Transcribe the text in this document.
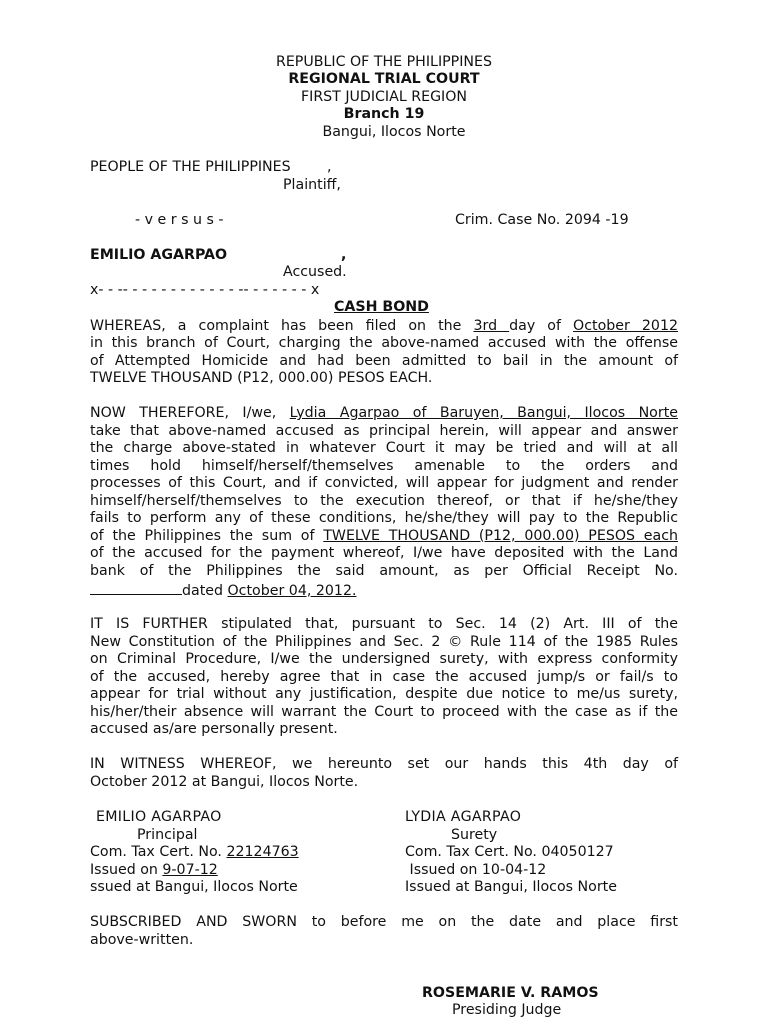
REPUBLIC OF THE PHILIPPINES
REGIONAL TRIAL COURT
FIRST JUDICIAL REGION
Branch 19
Bangui, Ilocos Norte
PEOPLE OF THE PHILIPPINES	,
Plaintiff,
- v e r s u s -	Crim. Case No. 2094 -19
EMILIO AGARPAO	,
Accused.
x- - -- - - - - - - - - - - - -- - - - - - - x
CASH BOND
WHEREAS, a complaint has been filed on the 3rd day of October 2012
in this branch of Court, charging the above-named accused with the offense
of Attempted Homicide and had been admitted to bail in the amount of
TWELVE THOUSAND (P12, 000.00) PESOS EACH.
NOW THEREFORE, I/we, Lydia Agarpao of Baruyen, Bangui, Ilocos Norte
take that above-named accused as principal herein, will appear and answer
the charge above-stated in whatever Court it may be tried and will at all
times hold himself/herself/themselves amenable to the orders and
processes of this Court, and if convicted, will appear for judgment and render
himself/herself/themselves to the execution thereof, or that if he/she/they
fails to perform any of these conditions, he/she/they will pay to the Republic
of the Philippines the sum of TWELVE THOUSAND (P12, 000.00) PESOS each
of the accused for the payment whereof, I/we have deposited with the Land
bank of the Philippines the said amount, as per Official Receipt No.
dated October 04, 2012.
IT IS FURTHER stipulated that, pursuant to Sec. 14 (2) Art. III of the
New Constitution of the Philippines and Sec. 2 © Rule 114 of the 1985 Rules
on Criminal Procedure, I/we the undersigned surety, with express conformity
of the accused, hereby agree that in case the accused jump/s or fail/s to
appear for trial without any justification, despite due notice to me/us surety,
his/her/their absence will warrant the Court to proceed with the case as if the
accused as/are personally present.
IN WITNESS WHEREOF, we hereunto set our hands this 4th day of
October 2012 at Bangui, Ilocos Norte.
EMILIO AGARPAO
Principal
Com. Tax Cert. No. 22124763
Issued on 9-07-12
ssued at Bangui, Ilocos Norte
LYDIA AGARPAO
Surety
Com. Tax Cert. No. 04050127
Issued on 10-04-12
Issued at Bangui, Ilocos Norte
SUBSCRIBED AND SWORN to before me on the date and place first
above-written.
ROSEMARIE V. RAMOS
Presiding Judge
